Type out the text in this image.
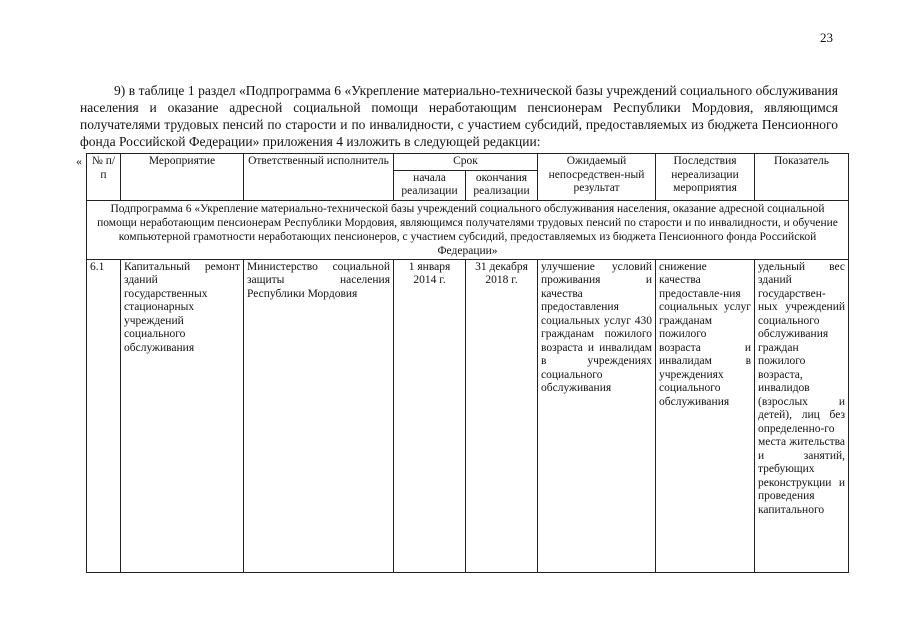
23

9) в таблице 1 раздел «Подпрограмма 6 «Укрепление материально-технической базы учреждений социального обслуживания населения и оказание адресной социальной помощи неработающим пенсионерам Республики Мордовия, являющимся получателями трудовых пенсий по старости и по инвалидности, с участием субсидий, предоставляемых из бюджета Пенсионного фонда Российской Федерации» приложения 4 изложить в следующей редакции:

« № п/п	Мероприятие	Ответственный исполнитель	Срок		Ожидаемый непосредствен-ный результат	Последствия нереализации мероприятия	Показатель
			начала реализации	окончания реализации			
Подпрограмма 6 «Укрепление материально-технической базы учреждений социального обслуживания населения, оказание адресной социальной помощи неработающим пенсионерам Республики Мордовия, являющимся получателями трудовых пенсий по старости и по инвалидности, и обучение компьютерной грамотности неработающих пенсионеров, с участием субсидий, предоставляемых из бюджета Пенсионного фонда Российской Федерации»							
6.1	Капитальный ремонт зданий государственных стационарных учреждений социального обслуживания	Министерство социальной защиты населения Республики Мордовия	1 января 2014 г.	31 декабря 2018 г.	улучшение условий проживания и качества предоставления социальных услуг 430 гражданам пожилого возраста и инвалидам в учреждениях социального обслуживания	снижение качества предоставле-ния социальных услуг гражданам пожилого возраста и инвалидам в учреждениях социального обслуживания	удельный вес зданий государствен-ных учреждений социального обслуживания граждан пожилого возраста, инвалидов (взрослых и детей), лиц без определенно-го места жительства и занятий, требующих реконструкции и проведения капитального
